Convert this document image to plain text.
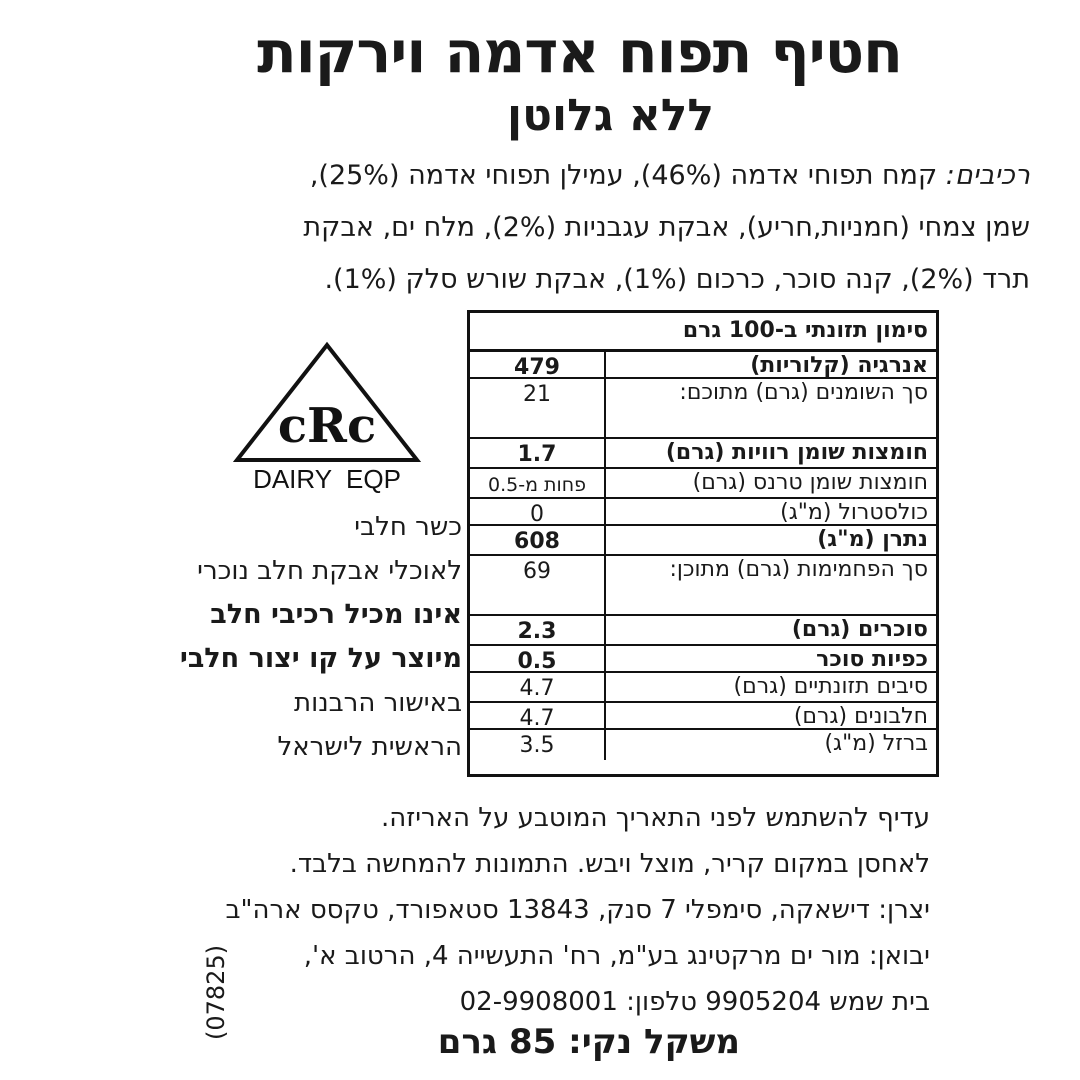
חטיף תפוח אדמה וירקות
ללא גלוטן
רכיבים: קמח תפוחי אדמה (46%), עמילן תפוחי אדמה (25%),
שמן צמחי (חמניות,חריע), אבקת עגבניות (2%), מלח ים, אבקת
תרד (2%), קנה סוכר, כרכום (1%), אבקת שורש סלק (1%).
cRc
DAIRY  EQP
כשר חלבי
לאוכלי אבקת חלב נוכרי
אינו מכיל רכיבי חלב
מיוצר על קו יצור חלבי
באישור הרבנות
הראשית לישראל
סימון תזונתי ב-100 גרם
אנרגיה (קלוריות)
479
סך השומנים (גרם) מתוכם:
21
חומצות שומן רוויות (גרם)
1.7
חומצות שומן טרנס (גרם)
פחות מ-0.5
כולסטרול (מ"ג)
0
נתרן (מ"ג)
608
סך הפחמימות (גרם) מתוכן:
69
סוכרים (גרם)
2.3
כפיות סוכר
0.5
סיבים תזונתיים (גרם)
4.7
חלבונים (גרם)
4.7
ברזל (מ"ג)
3.5
עדיף להשתמש לפני התאריך המוטבע על האריזה.
לאחסן במקום קריר, מוצל ויבש. התמונות להמחשה בלבד.
יצרן: דישאקה, סימפלי 7 סנק, 13843 סטאפורד, טקסס ארה"ב
יבואן: מור ים מרקטינג בע"מ, רח' התעשייה 4, הרטוב א',
בית שמש 9905204 טלפון: 02-9908001
משקל נקי: 85 גרם
(07825)
